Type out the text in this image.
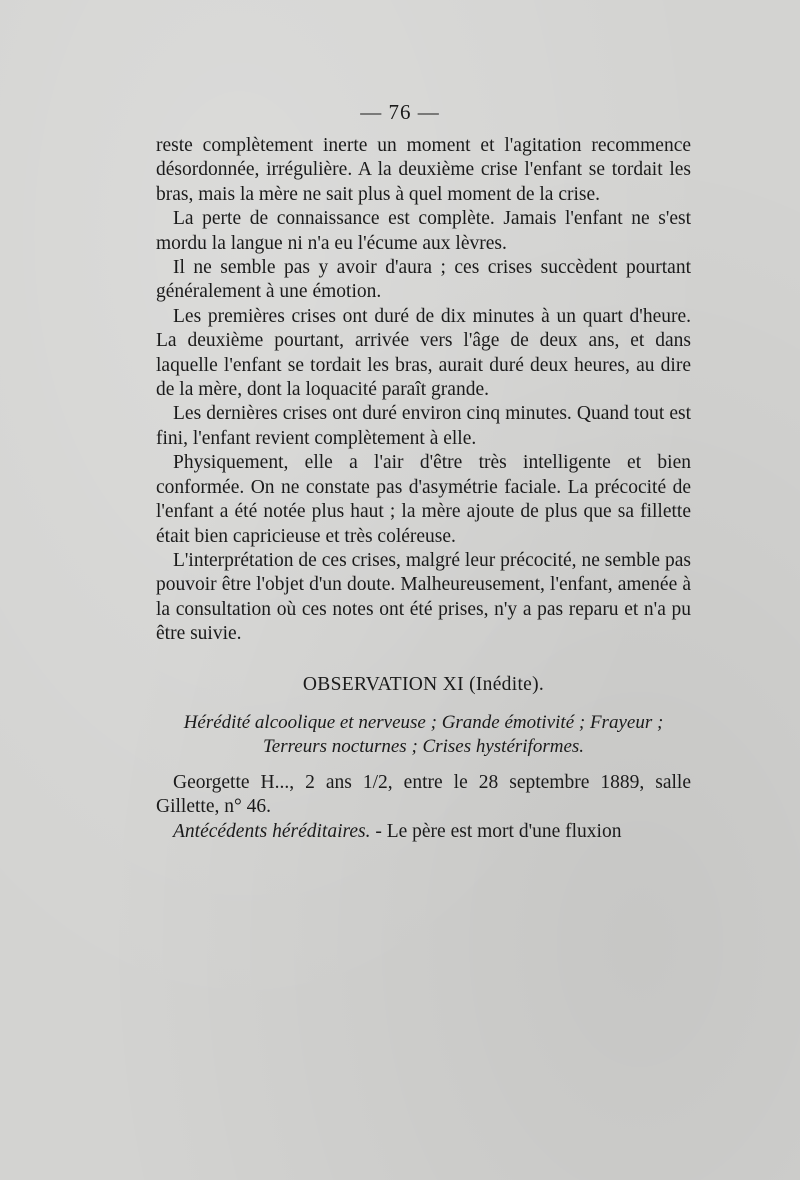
— 76 —

reste complètement inerte un moment et l'agitation recommence désordonnée, irrégulière. A la deuxième crise l'enfant se tordait les bras, mais la mère ne sait plus à quel moment de la crise.

La perte de connaissance est complète. Jamais l'enfant ne s'est mordu la langue ni n'a eu l'écume aux lèvres.

Il ne semble pas y avoir d'aura ; ces crises succèdent pourtant généralement à une émotion.

Les premières crises ont duré de dix minutes à un quart d'heure. La deuxième pourtant, arrivée vers l'âge de deux ans, et dans laquelle l'enfant se tordait les bras, aurait duré deux heures, au dire de la mère, dont la loquacité paraît grande.

Les dernières crises ont duré environ cinq minutes. Quand tout est fini, l'enfant revient complètement à elle.

Physiquement, elle a l'air d'être très intelligente et bien conformée. On ne constate pas d'asymétrie faciale. La précocité de l'enfant a été notée plus haut ; la mère ajoute de plus que sa fillette était bien capricieuse et très coléreuse.

L'interprétation de ces crises, malgré leur précocité, ne semble pas pouvoir être l'objet d'un doute. Malheureusement, l'enfant, amenée à la consultation où ces notes ont été prises, n'y a pas reparu et n'a pu être suivie.

OBSERVATION XI (Inédite).

Hérédité alcoolique et nerveuse ; Grande émotivité ; Frayeur ;
Terreurs nocturnes ; Crises hystériformes.

Georgette H..., 2 ans 1/2, entre le 28 septembre 1889, salle Gillette, n° 46.

Antécédents héréditaires. - Le père est mort d'une fluxion
